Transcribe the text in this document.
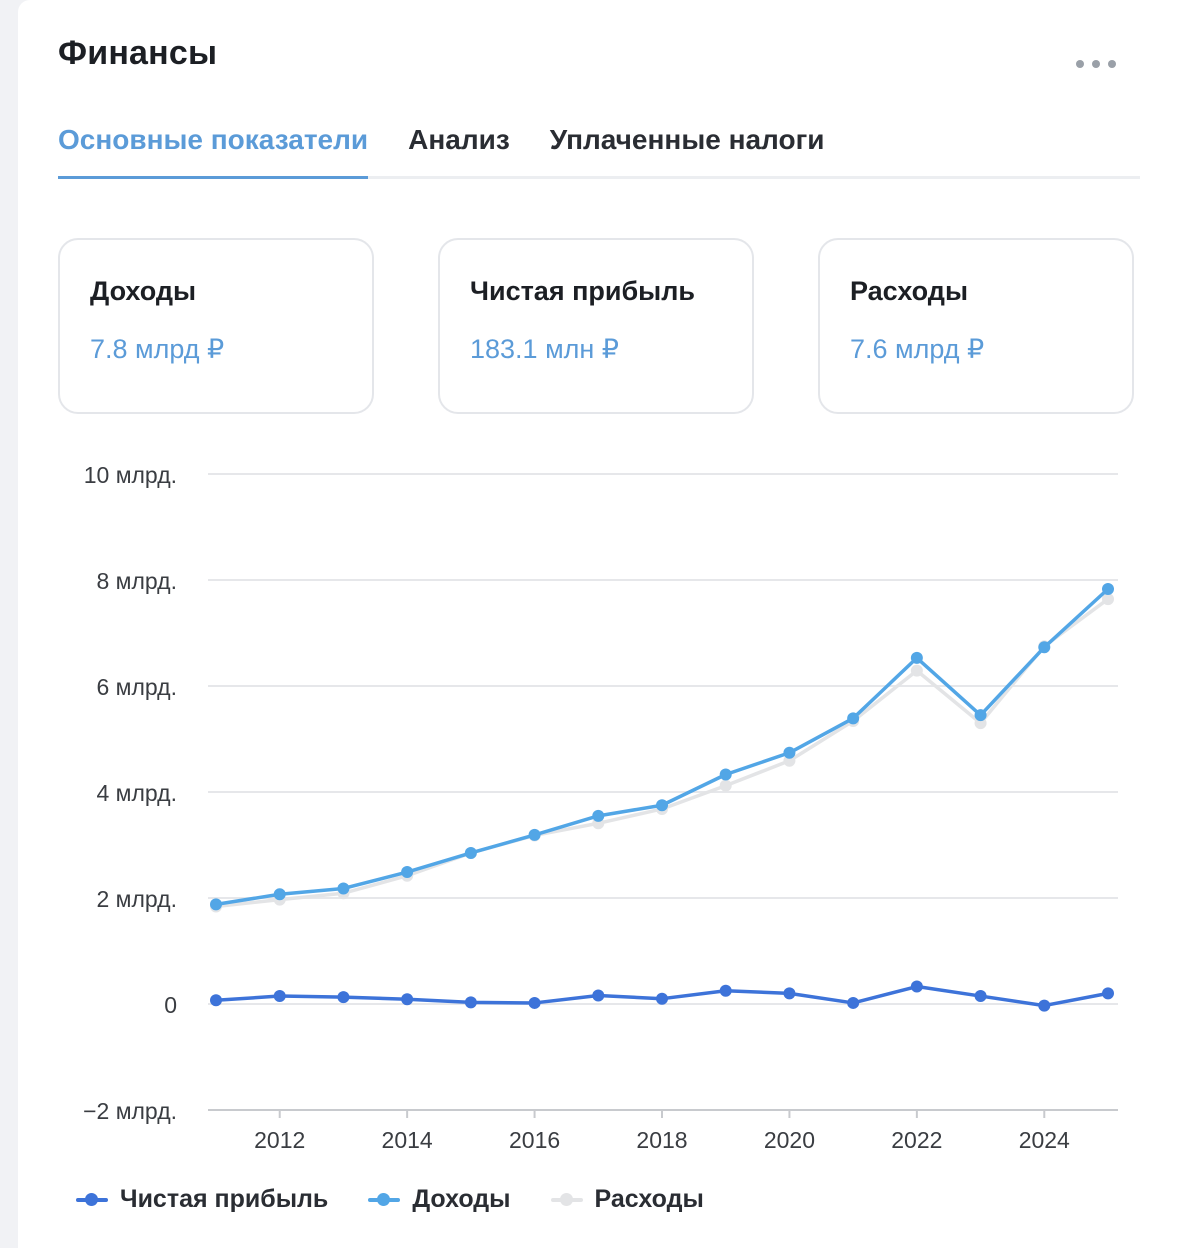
Финансы
Основные показатели Анализ Уплаченные налоги
Доходы
7.8 млрд ₽
Чистая прибыль
183.1 млн ₽
Расходы
7.6 млрд ₽
10 млрд.
8 млрд.
6 млрд.
4 млрд.
2 млрд.
0
−2 млрд.
2012	2014	2016	2018	2020	2022	2024
Чистая прибыль	Доходы	Расходы
